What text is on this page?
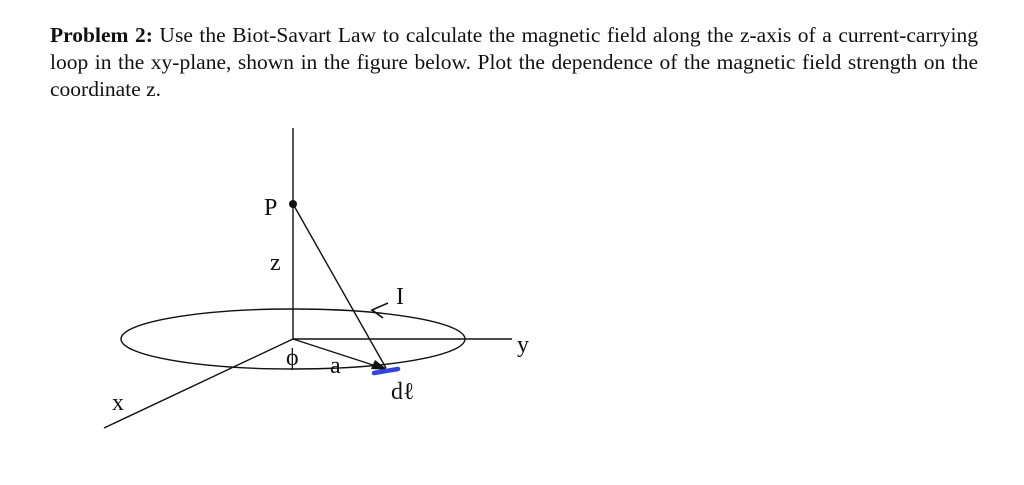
Problem 2: Use the Biot-Savart Law to calculate the magnetic field along the z-axis of a current-carrying loop in the xy-plane, shown in the figure below. Plot the dependence of the magnetic field strength on the coordinate z.

P
z
I
y
x
ϕ a
dℓ
